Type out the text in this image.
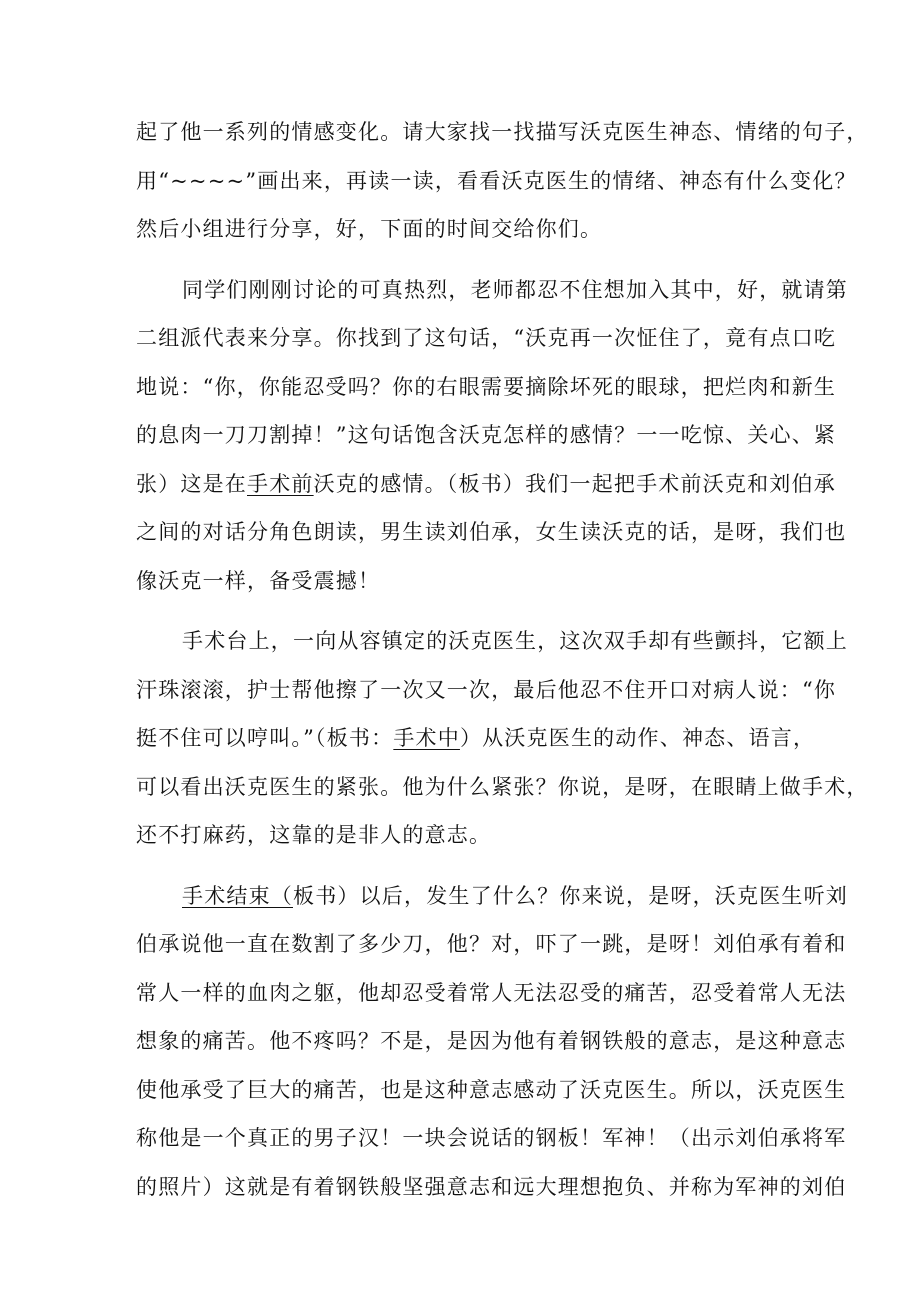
起了他一系列的情感变化。请大家找一找描写沃克医生神态、情绪的句子，
用“~~~~”画出来，再读一读，看看沃克医生的情绪、神态有什么变化？
然后小组进行分享，好，下面的时间交给你们。
同学们刚刚讨论的可真热烈，老师都忍不住想加入其中，好，就请第
二组派代表来分享。你找到了这句话，“沃克再一次怔住了，竟有点口吃
地说：“你，你能忍受吗？你的右眼需要摘除坏死的眼球，把烂肉和新生
的息肉一刀刀割掉！”这句话饱含沃克怎样的感情？一一吃惊、关心、紧
张）这是在手术前沃克的感情。（板书）我们一起把手术前沃克和刘伯承
之间的对话分角色朗读，男生读刘伯承，女生读沃克的话，是呀，我们也
像沃克一样，备受震撼！
手术台上，一向从容镇定的沃克医生，这次双手却有些颤抖，它额上
汗珠滚滚，护士帮他擦了一次又一次，最后他忍不住开口对病人说：“你
挺不住可以哼叫。”（板书：手术中）从沃克医生的动作、神态、语言，
可以看出沃克医生的紧张。他为什么紧张？你说，是呀，在眼睛上做手术，
还不打麻药，这靠的是非人的意志。
手术结束（板书）以后，发生了什么？你来说，是呀，沃克医生听刘
伯承说他一直在数割了多少刀，他？对，吓了一跳，是呀！刘伯承有着和
常人一样的血肉之躯，他却忍受着常人无法忍受的痛苦，忍受着常人无法
想象的痛苦。他不疼吗？不是，是因为他有着钢铁般的意志，是这种意志
使他承受了巨大的痛苦，也是这种意志感动了沃克医生。所以，沃克医生
称他是一个真正的男子汉！一块会说话的钢板！军神！（出示刘伯承将军
的照片）这就是有着钢铁般坚强意志和远大理想抱负、并称为军神的刘伯
